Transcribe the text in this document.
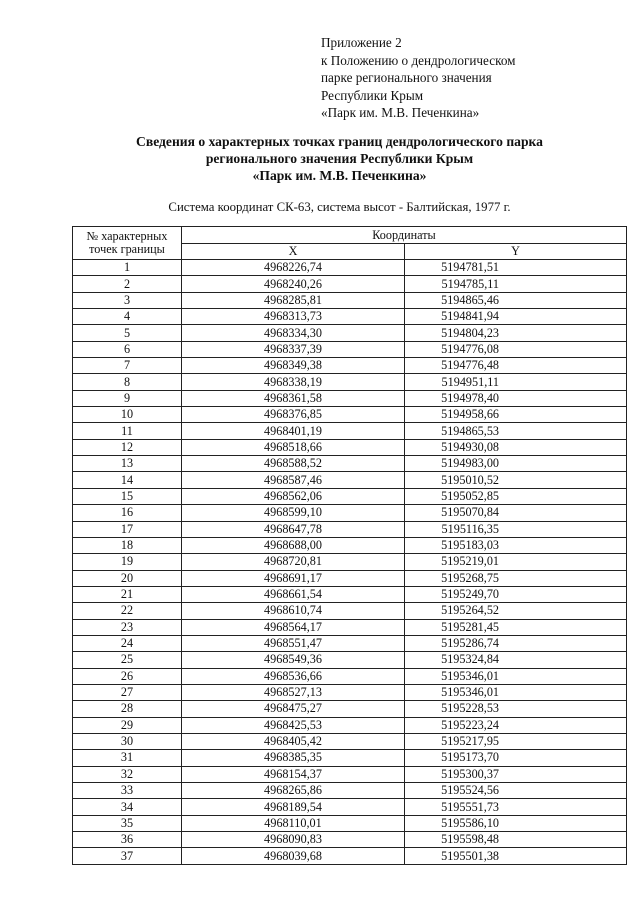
Приложение 2
к Положению о дендрологическом
парке регионального значения
Республики Крым
«Парк им. М.В. Печенкина»
Сведения о характерных точках границ дендрологического парка
регионального значения Республики Крым
«Парк им. М.В. Печенкина»
Система координат СК-63, система высот - Балтийская, 1977 г.
№ характерных точек границы	Координаты	
	X	Y
1	4968226,74	5194781,51
2	4968240,26	5194785,11
3	4968285,81	5194865,46
4	4968313,73	5194841,94
5	4968334,30	5194804,23
6	4968337,39	5194776,08
7	4968349,38	5194776,48
8	4968338,19	5194951,11
9	4968361,58	5194978,40
10	4968376,85	5194958,66
11	4968401,19	5194865,53
12	4968518,66	5194930,08
13	4968588,52	5194983,00
14	4968587,46	5195010,52
15	4968562,06	5195052,85
16	4968599,10	5195070,84
17	4968647,78	5195116,35
18	4968688,00	5195183,03
19	4968720,81	5195219,01
20	4968691,17	5195268,75
21	4968661,54	5195249,70
22	4968610,74	5195264,52
23	4968564,17	5195281,45
24	4968551,47	5195286,74
25	4968549,36	5195324,84
26	4968536,66	5195346,01
27	4968527,13	5195346,01
28	4968475,27	5195228,53
29	4968425,53	5195223,24
30	4968405,42	5195217,95
31	4968385,35	5195173,70
32	4968154,37	5195300,37
33	4968265,86	5195524,56
34	4968189,54	5195551,73
35	4968110,01	5195586,10
36	4968090,83	5195598,48
37	4968039,68	5195501,38
